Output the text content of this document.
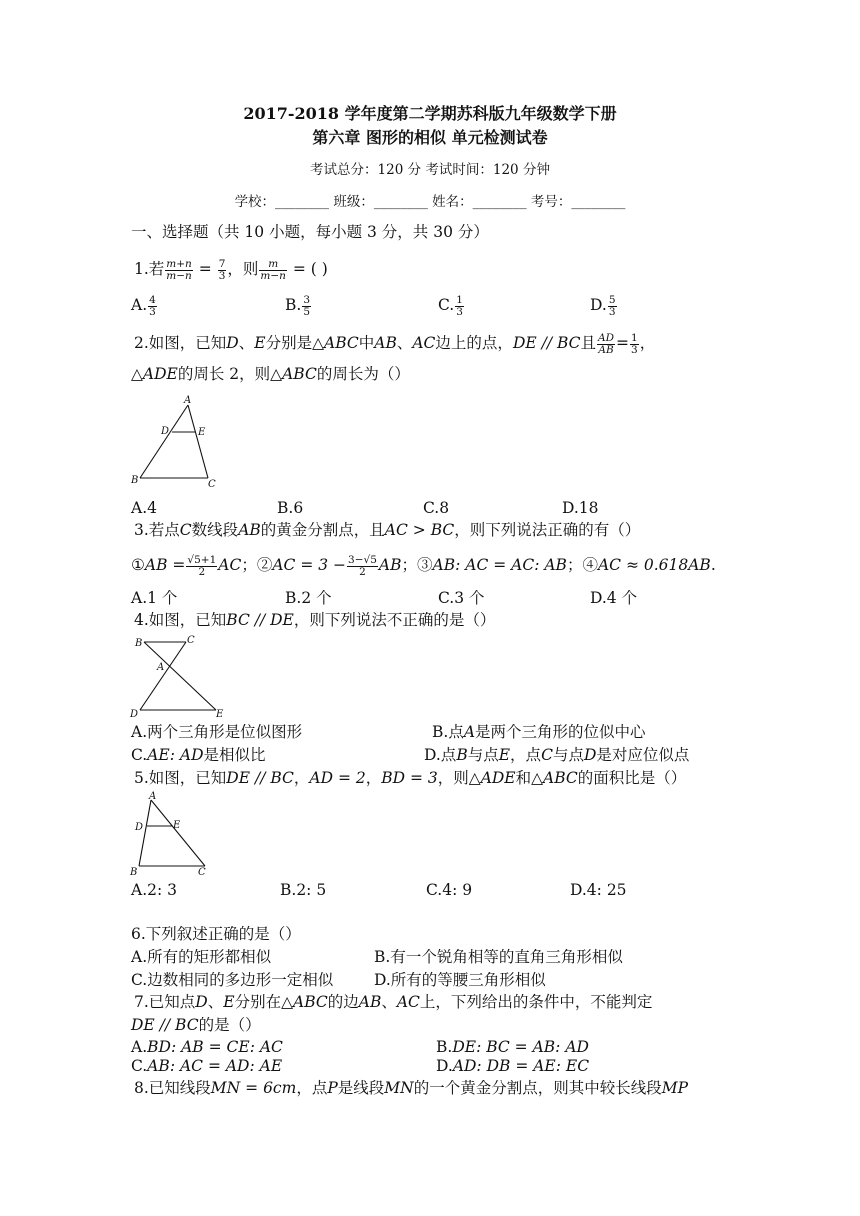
2017-2018 学年度第二学期苏科版九年级数学下册
第六章 图形的相似 单元检测试卷
考试总分：120 分 考试时间：120 分钟
学校：________ 班级：________ 姓名：________ 考号：________
一、选择题（共 10 小题，每小题 3 分，共 30 分）
1.若 $\frac{m+n}{m-n} = \frac{7}{3}$ ，则 $\frac{m}{m-n}$ = ( )
A. $\frac{4}{3}$	B. $\frac{3}{5}$	C. $\frac{1}{3}$	D. $\frac{5}{3}$
2.如图，已知D、E分别是△ABC中AB、AC边上的点，DE // BC且 $\frac{AD}{AB} = \frac{1}{3}$ ，
△ADE的周长 2，则△ABC的周长为（）
A
D	E
B	C
A.4	B.6	C.8	D.18
3.若点C数线段AB的黄金分割点，且AC > BC，则下列说法正确的有（）
①AB = $\frac{√5+1}{2}$ AC；②AC = $3 - \frac{3-√5}{2}$ AB；③AB: AC = AC: AB；④AC ≈ 0.618AB.
A.1 个	B.2 个	C.3 个	D.4 个
4.如图，已知BC // DE，则下列说法不正确的是（）
B	C
A
D	E
A.两个三角形是位似图形	B.点A是两个三角形的位似中心
C.AE: AD是相似比	D.点B与点E，点C与点D是对应位似点
5.如图，已知DE // BC，AD = 2，BD = 3，则△ADE和△ABC的面积比是（）
A
D	E
B	C
A.2: 3	B.2: 5	C.4: 9	D.4: 25
6.下列叙述正确的是（）
A.所有的矩形都相似	B.有一个锐角相等的直角三角形相似
C.边数相同的多边形一定相似	D.所有的等腰三角形相似
7.已知点D、E分别在△ABC的边AB、AC上，下列给出的条件中，不能判定
DE // BC的是（）
A.BD: AB = CE: AC	B.DE: BC = AB: AD
C.AB: AC = AD: AE	D.AD: DB = AE: EC
8.已知线段MN = 6cm，点P是线段MN的一个黄金分割点，则其中较长线段MP
